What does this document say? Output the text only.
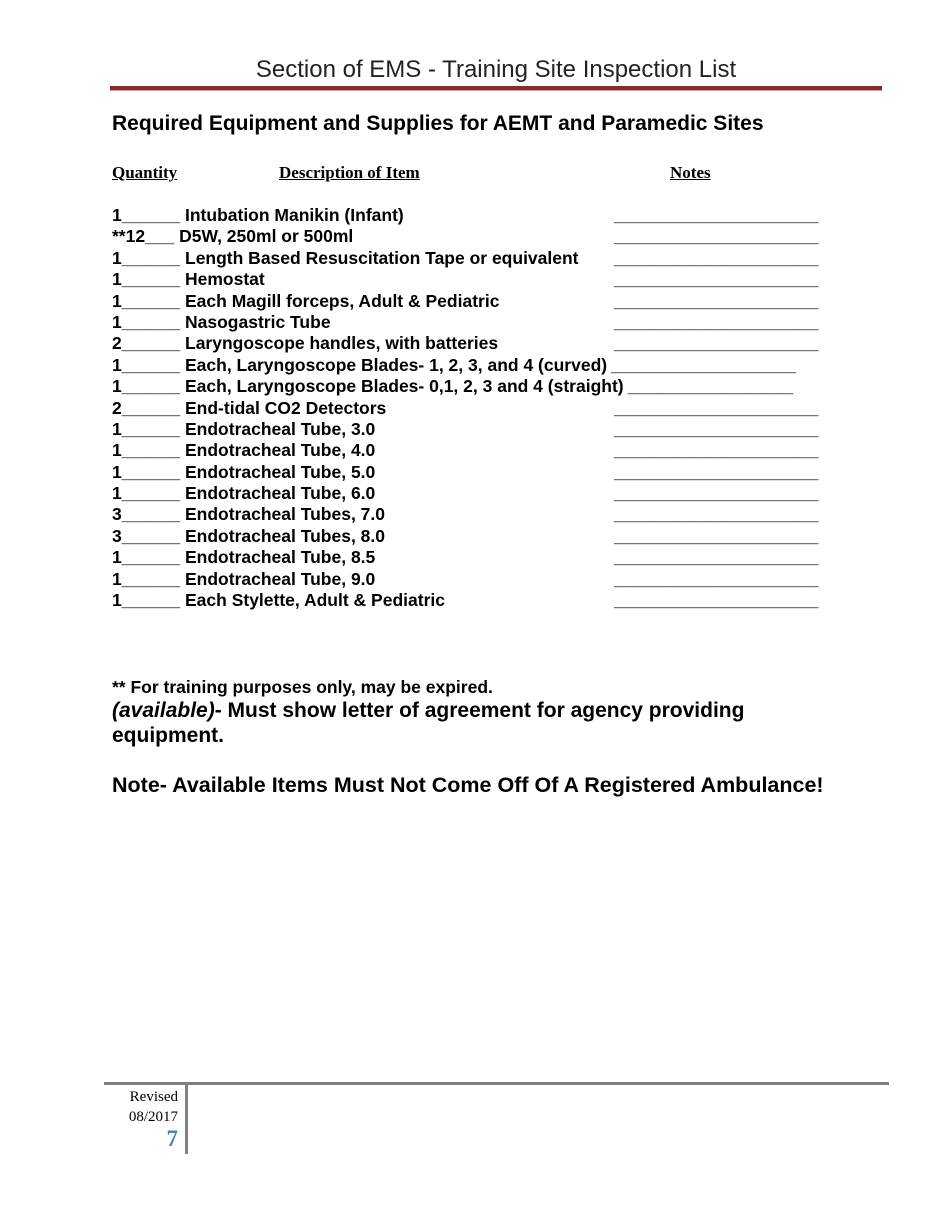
Section of EMS - Training Site Inspection List
Required Equipment and Supplies for AEMT and Paramedic Sites
Quantity	Description of Item	Notes
1______ Intubation Manikin (Infant)	_____________________
**12___ D5W, 250ml or 500ml	_____________________
1______ Length Based Resuscitation Tape or equivalent _____________________
1______ Hemostat	_____________________
1______ Each Magill forceps, Adult & Pediatric	_____________________
1______ Nasogastric Tube	_____________________
2______ Laryngoscope handles, with batteries	_____________________
1______ Each, Laryngoscope Blades- 1, 2, 3, and 4 (curved) ___________________
1______ Each, Laryngoscope Blades- 0,1, 2, 3 and 4 (straight) _________________
2______ End-tidal CO2 Detectors	_____________________
1______ Endotracheal Tube, 3.0	_____________________
1______ Endotracheal Tube, 4.0	_____________________
1______ Endotracheal Tube, 5.0	_____________________
1______ Endotracheal Tube, 6.0	_____________________
3______ Endotracheal Tubes, 7.0	_____________________
3______ Endotracheal Tubes, 8.0	_____________________
1______ Endotracheal Tube, 8.5	_____________________
1______ Endotracheal Tube, 9.0	_____________________
1______ Each Stylette, Adult & Pediatric	_____________________
** For training purposes only, may be expired.
(available)- Must show letter of agreement for agency providing equipment.
Note- Available Items Must Not Come Off Of A Registered Ambulance!
Revised
08/2017
7
